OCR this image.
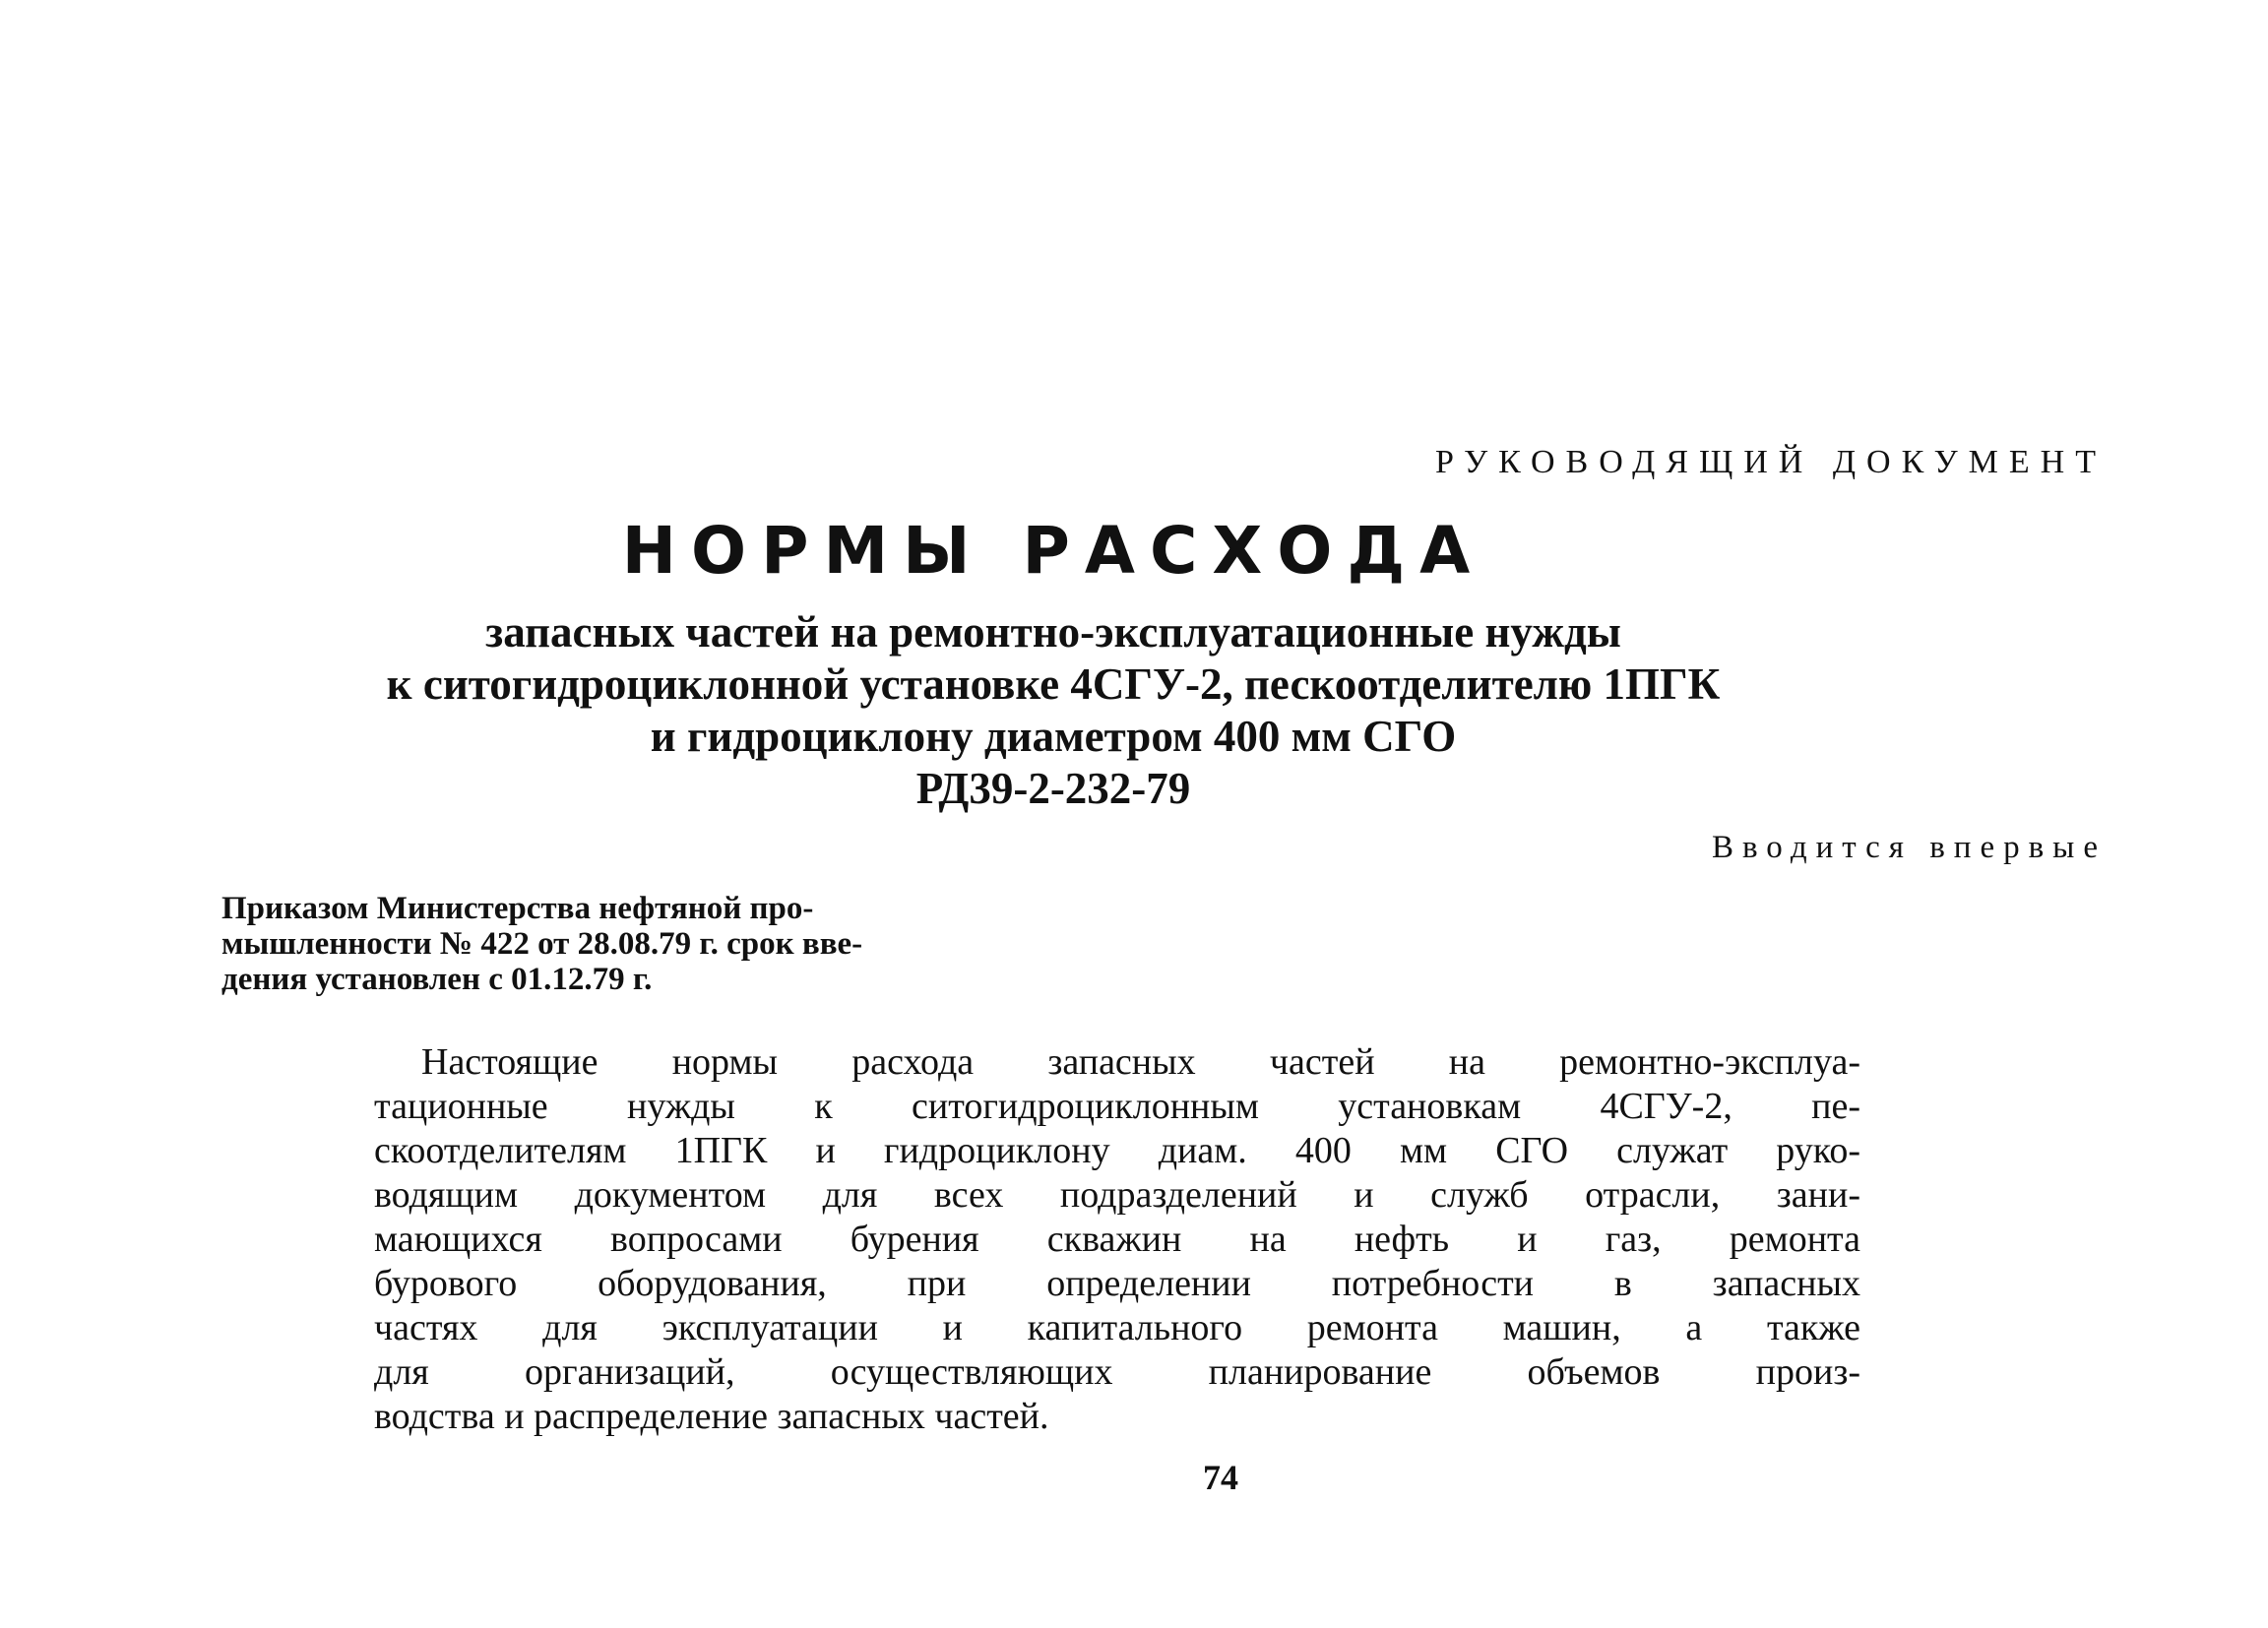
РУКОВОДЯЩИЙ ДОКУМЕНТ
НОРМЫ РАСХОДА
запасных частей на ремонтно-эксплуатационные нужды
к ситогидроциклонной установке 4СГУ-2, пескоотделителю 1ПГК
и гидроциклону диаметром 400 мм СГО
РД39-2-232-79
Вводится впервые
Приказом Министерства нефтяной про-
мышленности № 422 от 28.08.79 г. срок вве-
дения установлен с 01.12.79 г.
Настоящие нормы расхода запасных частей на ремонтно-эксплуа-
тационные нужды к ситогидроциклонным установкам 4СГУ-2, пе-
скоотделителям 1ПГК и гидроциклону диам. 400 мм СГО служат руко-
водящим документом для всех подразделений и служб отрасли, зани-
мающихся вопросами бурения скважин на нефть и газ, ремонта
бурового оборудования, при определении потребности в запасных
частях для эксплуатации и капитального ремонта машин, а также
для организаций, осуществляющих планирование объемов произ-
водства и распределение запасных частей.
74
